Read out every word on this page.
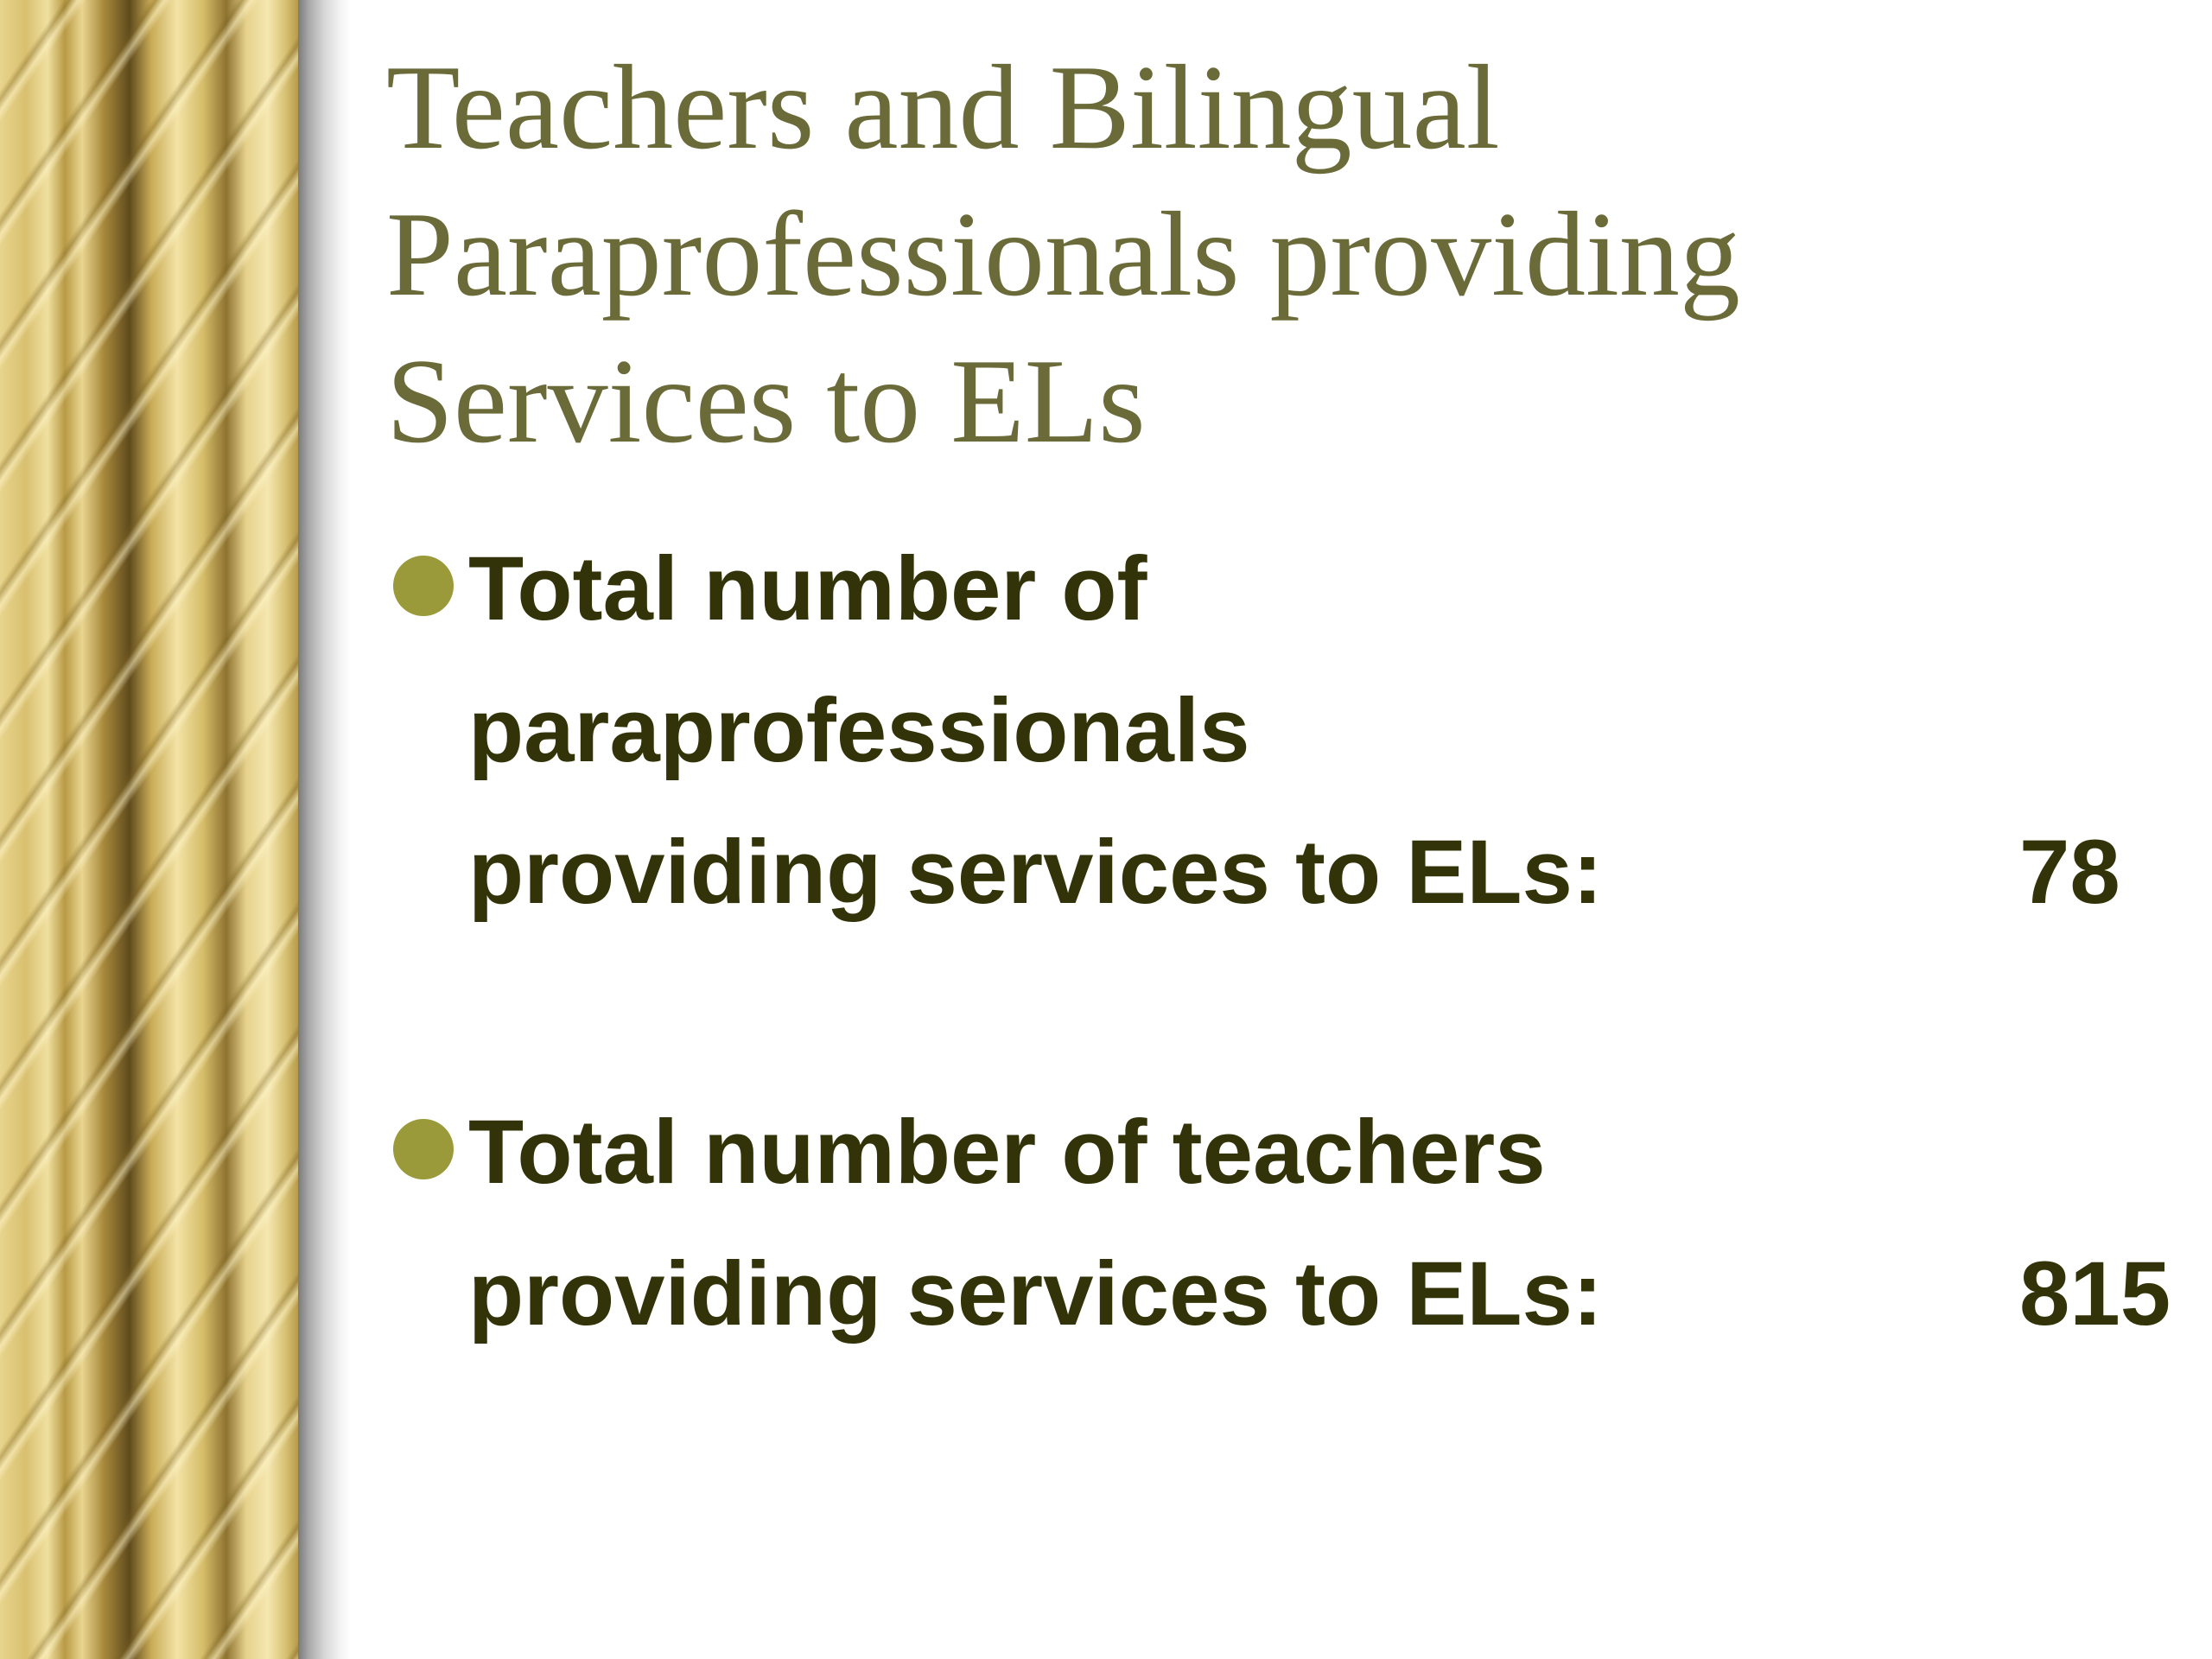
Teachers and Bilingual
Paraprofessionals providing
Services to ELs
Total number of
paraprofessionals
providing services to ELs:	78
Total number of teachers
providing services to ELs:	815
